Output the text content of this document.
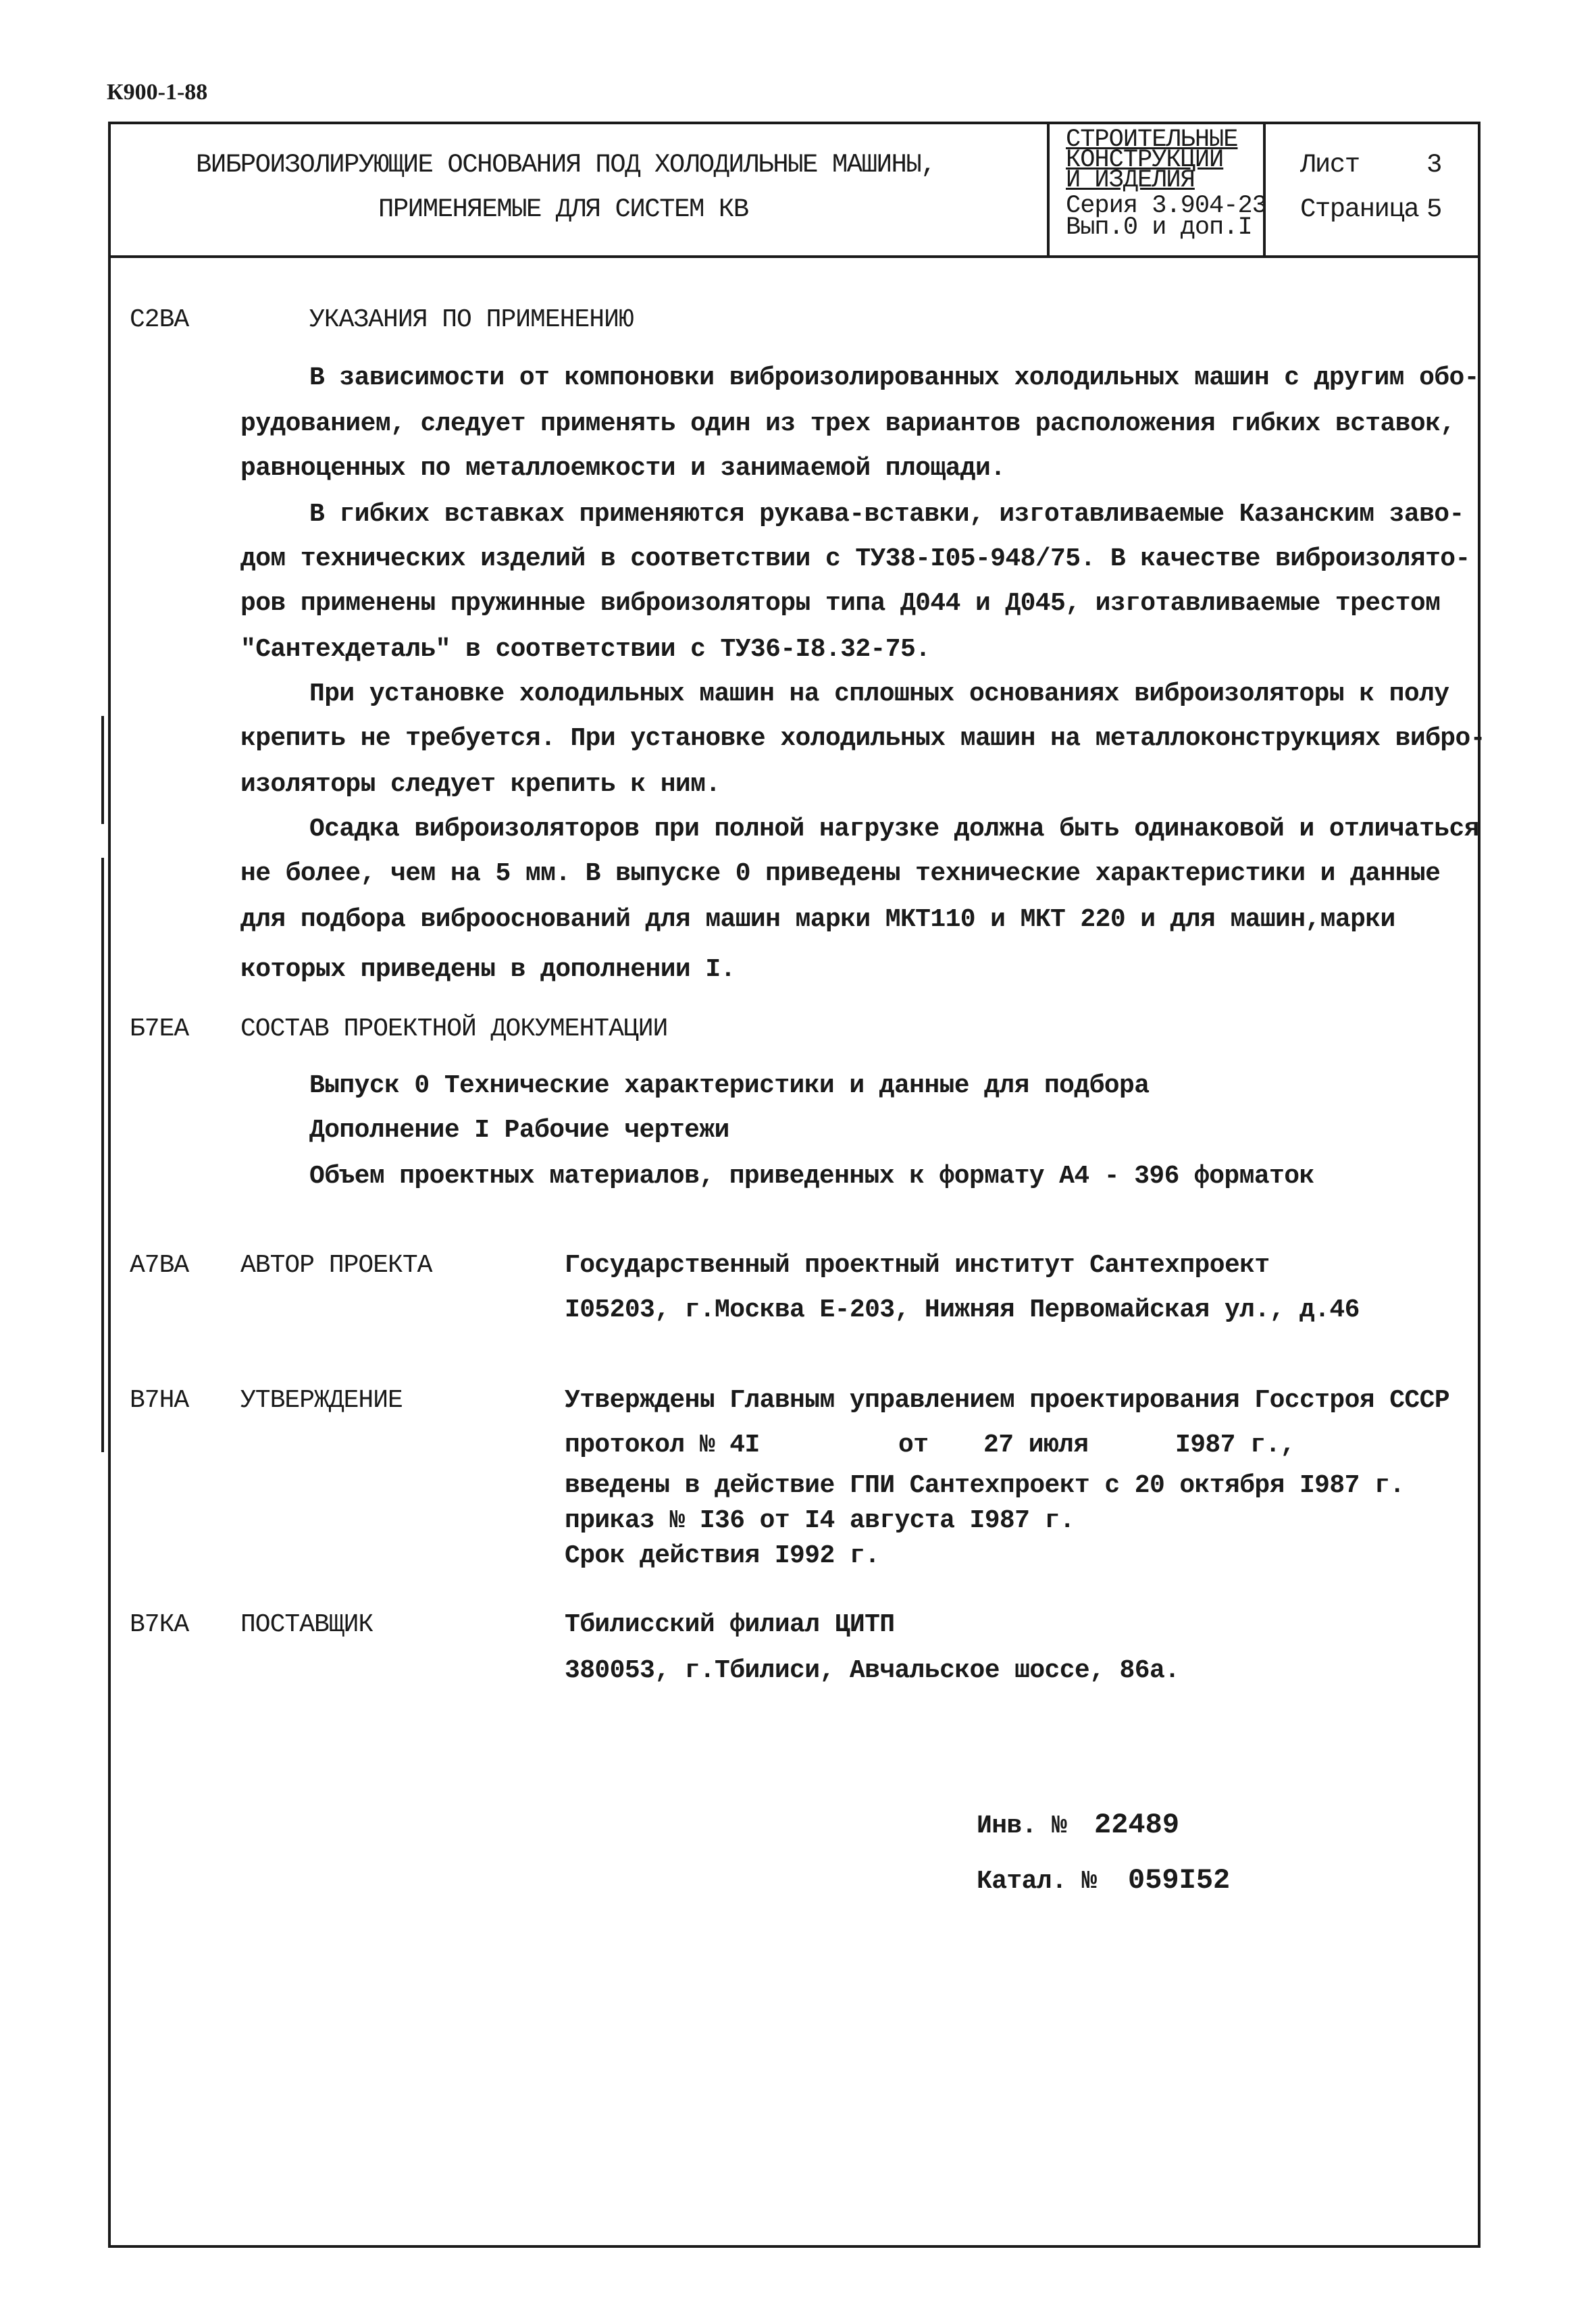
К900-1-88
ВИБРОИЗОЛИРУЮЩИЕ ОСНОВАНИЯ ПОД ХОЛОДИЛЬНЫЕ МАШИНЫ,
ПРИМЕНЯЕМЫЕ ДЛЯ СИСТЕМ КВ
СТРОИТЕЛЬНЫЕ
КОНСТРУКЦИИ
И ИЗДЕЛИЯ
Серия 3.904-23
Вып.0 и доп.I
Лист	3
Страница 5
С2ВА	УКАЗАНИЯ ПО ПРИМЕНЕНИЮ
В зависимости от компоновки виброизолированных холодильных машин с другим обо-
рудованием, следует применять один из трех вариантов расположения гибких вставок,
равноценных по металлоемкости и занимаемой площади.
В гибких вставках применяются рукава-вставки, изготавливаемые Казанским заво-
дом технических изделий в соответствии с ТУ38-I05-948/75. В качестве виброизолято-
ров применены пружинные виброизоляторы типа Д044 и Д045, изготавливаемые трестом
"Сантехдеталь" в соответствии с ТУ36-I8.32-75.
При установке холодильных машин на сплошных основаниях виброизоляторы к полу
крепить не требуется. При установке холодильных машин на металлоконструкциях вибро-
изоляторы следует крепить к ним.
Осадка виброизоляторов при полной нагрузке должна быть одинаковой и отличаться
не более, чем на 5 мм. В выпуске 0 приведены технические характеристики и данные
для подбора виброоснований для машин марки МКТ110 и МКТ 220 и для машин,марки
которых приведены в дополнении I.
Б7ЕА СОСТАВ ПРОЕКТНОЙ ДОКУМЕНТАЦИИ
Выпуск 0 Технические характеристики и данные для подбора
Дополнение I Рабочие чертежи
Объем проектных материалов, приведенных к формату А4 - 396 форматок
А7ВА АВТОР ПРОЕКТА	Государственный проектный институт Сантехпроект
I05203, г.Москва Е-203, Нижняя Первомайская ул., д.46
В7НА УТВЕРЖДЕНИЕ	Утверждены Главным управлением проектирования Госстроя СССР
протокол № 4I	от 27 июля	I987 г.,
введены в действие ГПИ Сантехпроект с 20 октября I987 г.
приказ № I36 от I4 августа I987 г.
Срок действия I992 г.
В7КА ПОСТАВЩИК	Тбилисский филиал ЦИТП
380053, г.Тбилиси, Авчальское шоссе, 86а.
Инв. № 22489
Катал. № 059I52
